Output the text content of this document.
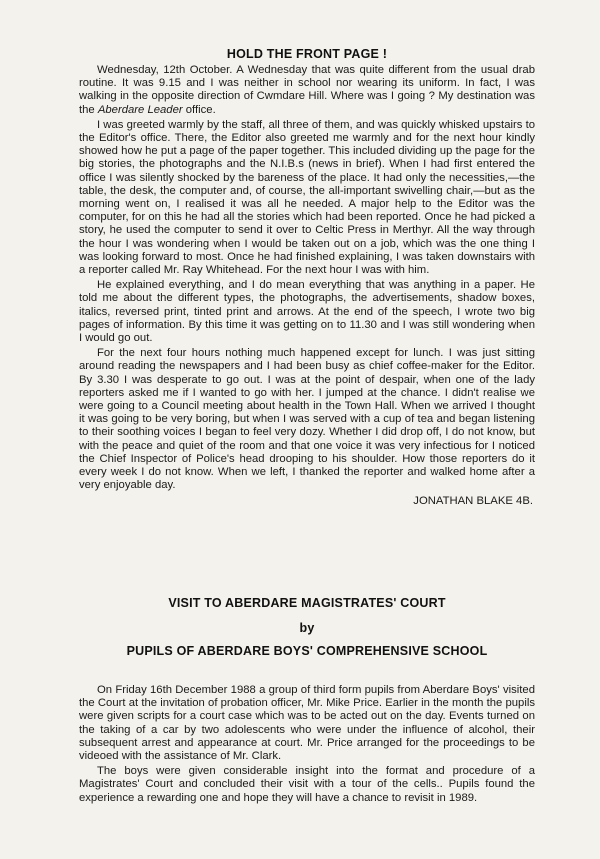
HOLD THE FRONT PAGE !

Wednesday, 12th October. A Wednesday that was quite different from the usual drab routine. It was 9.15 and I was neither in school nor wearing its uniform. In fact, I was walking in the opposite direction of Cwmdare Hill. Where was I going ? My destination was the Aberdare Leader office.

I was greeted warmly by the staff, all three of them, and was quickly whisked upstairs to the Editor's office. There, the Editor also greeted me warmly and for the next hour kindly showed how he put a page of the paper together. This included dividing up the page for the big stories, the photographs and the N.I.B.s (news in brief). When I had first entered the office I was silently shocked by the bareness of the place. It had only the necessities,—the table, the desk, the computer and, of course, the all-important swivelling chair,—but as the morning went on, I realised it was all he needed. A major help to the Editor was the computer, for on this he had all the stories which had been reported. Once he had picked a story, he used the computer to send it over to Celtic Press in Merthyr. All the way through the hour I was wondering when I would be taken out on a job, which was the one thing I was looking forward to most. Once he had finished explaining, I was taken downstairs with a reporter called Mr. Ray Whitehead. For the next hour I was with him.

He explained everything, and I do mean everything that was anything in a paper. He told me about the different types, the photographs, the advertisements, shadow boxes, italics, reversed print, tinted print and arrows. At the end of the speech, I wrote two big pages of information. By this time it was getting on to 11.30 and I was still wondering when I would go out.

For the next four hours nothing much happened except for lunch. I was just sitting around reading the newspapers and I had been busy as chief coffee-maker for the Editor. By 3.30 I was desperate to go out. I was at the point of despair, when one of the lady reporters asked me if I wanted to go with her. I jumped at the chance. I didn't realise we were going to a Council meeting about health in the Town Hall. When we arrived I thought it was going to be very boring, but when I was served with a cup of tea and began listening to their soothing voices I began to feel very dozy. Whether I did drop off, I do not know, but with the peace and quiet of the room and that one voice it was very infectious for I noticed the Chief Inspector of Police's head drooping to his shoulder. How those reporters do it every week I do not know. When we left, I thanked the reporter and walked home after a very enjoyable day.

JONATHAN BLAKE 4B.
VISIT TO ABERDARE MAGISTRATES' COURT
by
PUPILS OF ABERDARE BOYS' COMPREHENSIVE SCHOOL

On Friday 16th December 1988 a group of third form pupils from Aberdare Boys' visited the Court at the invitation of probation officer, Mr. Mike Price. Earlier in the month the pupils were given scripts for a court case which was to be acted out on the day. Events turned on the taking of a car by two adolescents who were under the influence of alcohol, their subsequent arrest and appearance at court. Mr. Price arranged for the proceedings to be videoed with the assistance of Mr. Clark.

The boys were given considerable insight into the format and procedure of a Magistrates' Court and concluded their visit with a tour of the cells.. Pupils found the experience a rewarding one and hope they will have a chance to revisit in 1989.
